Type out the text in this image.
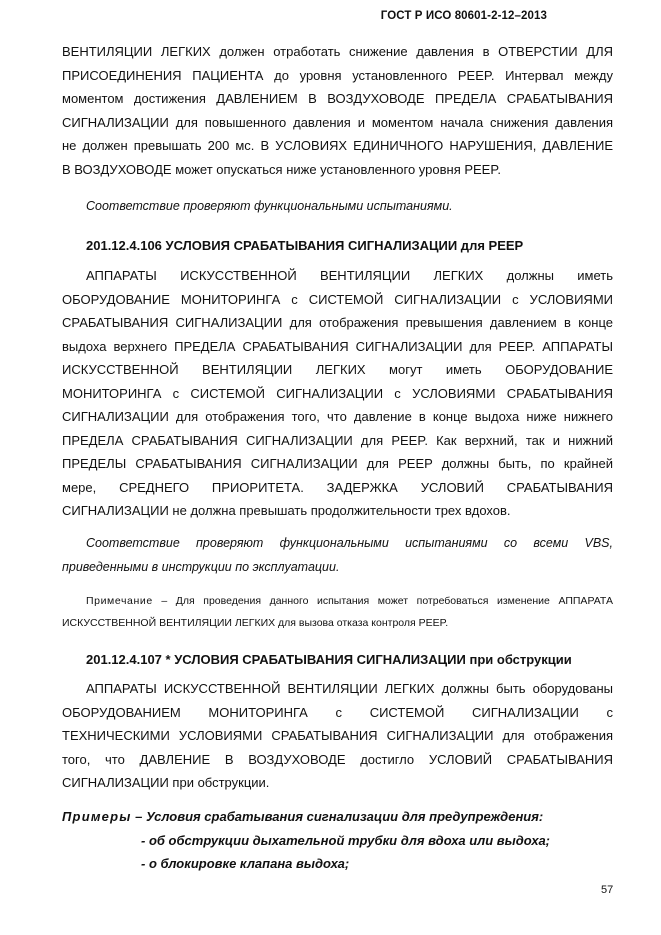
ГОСТ Р ИСО 80601-2-12–2013
ВЕНТИЛЯЦИИ ЛЕГКИХ должен отработать снижение давления в ОТВЕРСТИИ ДЛЯ
ПРИСОЕДИНЕНИЯ ПАЦИЕНТА до уровня установленного PEEP. Интервал между
моментом достижения ДАВЛЕНИЕМ В ВОЗДУХОВОДЕ ПРЕДЕЛА СРАБАТЫВАНИЯ
СИГНАЛИЗАЦИИ для повышенного давления и моментом начала снижения давления
не должен превышать 200 мс. В УСЛОВИЯХ ЕДИНИЧНОГО НАРУШЕНИЯ, ДАВЛЕНИЕ
В ВОЗДУХОВОДЕ может опускаться ниже установленного уровня PEEP.
Соответствие проверяют функциональными испытаниями.
201.12.4.106 УСЛОВИЯ СРАБАТЫВАНИЯ СИГНАЛИЗАЦИИ для PEEP
АППАРАТЫ ИСКУССТВЕННОЙ ВЕНТИЛЯЦИИ ЛЕГКИХ должны иметь
ОБОРУДОВАНИЕ МОНИТОРИНГА с СИСТЕМОЙ СИГНАЛИЗАЦИИ с УСЛОВИЯМИ
СРАБАТЫВАНИЯ СИГНАЛИЗАЦИИ для отображения превышения давлением в конце
выдоха верхнего ПРЕДЕЛА СРАБАТЫВАНИЯ СИГНАЛИЗАЦИИ для PEEP. АППАРАТЫ
ИСКУССТВЕННОЙ ВЕНТИЛЯЦИИ ЛЕГКИХ могут иметь ОБОРУДОВАНИЕ
МОНИТОРИНГА с СИСТЕМОЙ СИГНАЛИЗАЦИИ с УСЛОВИЯМИ СРАБАТЫВАНИЯ
СИГНАЛИЗАЦИИ для отображения того, что давление в конце выдоха ниже нижнего
ПРЕДЕЛА СРАБАТЫВАНИЯ СИГНАЛИЗАЦИИ для PEEP. Как верхний, так и нижний
ПРЕДЕЛЫ СРАБАТЫВАНИЯ СИГНАЛИЗАЦИИ для PEEP должны быть, по крайней
мере, СРЕДНЕГО ПРИОРИТЕТА. ЗАДЕРЖКА УСЛОВИЙ СРАБАТЫВАНИЯ
СИГНАЛИЗАЦИИ не должна превышать продолжительности трех вдохов.
Соответствие проверяют функциональными испытаниями со всеми VBS,
приведенными в инструкции по эксплуатации.
Примечание – Для проведения данного испытания может потребоваться изменение АППАРАТА
ИСКУССТВЕННОЙ ВЕНТИЛЯЦИИ ЛЕГКИХ для вызова отказа контроля PEEP.
201.12.4.107 * УСЛОВИЯ СРАБАТЫВАНИЯ СИГНАЛИЗАЦИИ при обструкции
АППАРАТЫ ИСКУССТВЕННОЙ ВЕНТИЛЯЦИИ ЛЕГКИХ должны быть оборудованы
ОБОРУДОВАНИЕМ МОНИТОРИНГА с СИСТЕМОЙ СИГНАЛИЗАЦИИ с
ТЕХНИЧЕСКИМИ УСЛОВИЯМИ СРАБАТЫВАНИЯ СИГНАЛИЗАЦИИ для отображения
того, что ДАВЛЕНИЕ В ВОЗДУХОВОДЕ достигло УСЛОВИЙ СРАБАТЫВАНИЯ
СИГНАЛИЗАЦИИ при обструкции.
Примеры – Условия срабатывания сигнализации для предупреждения:
- об обструкции дыхательной трубки для вдоха или выдоха;
- о блокировке клапана выдоха;
57
